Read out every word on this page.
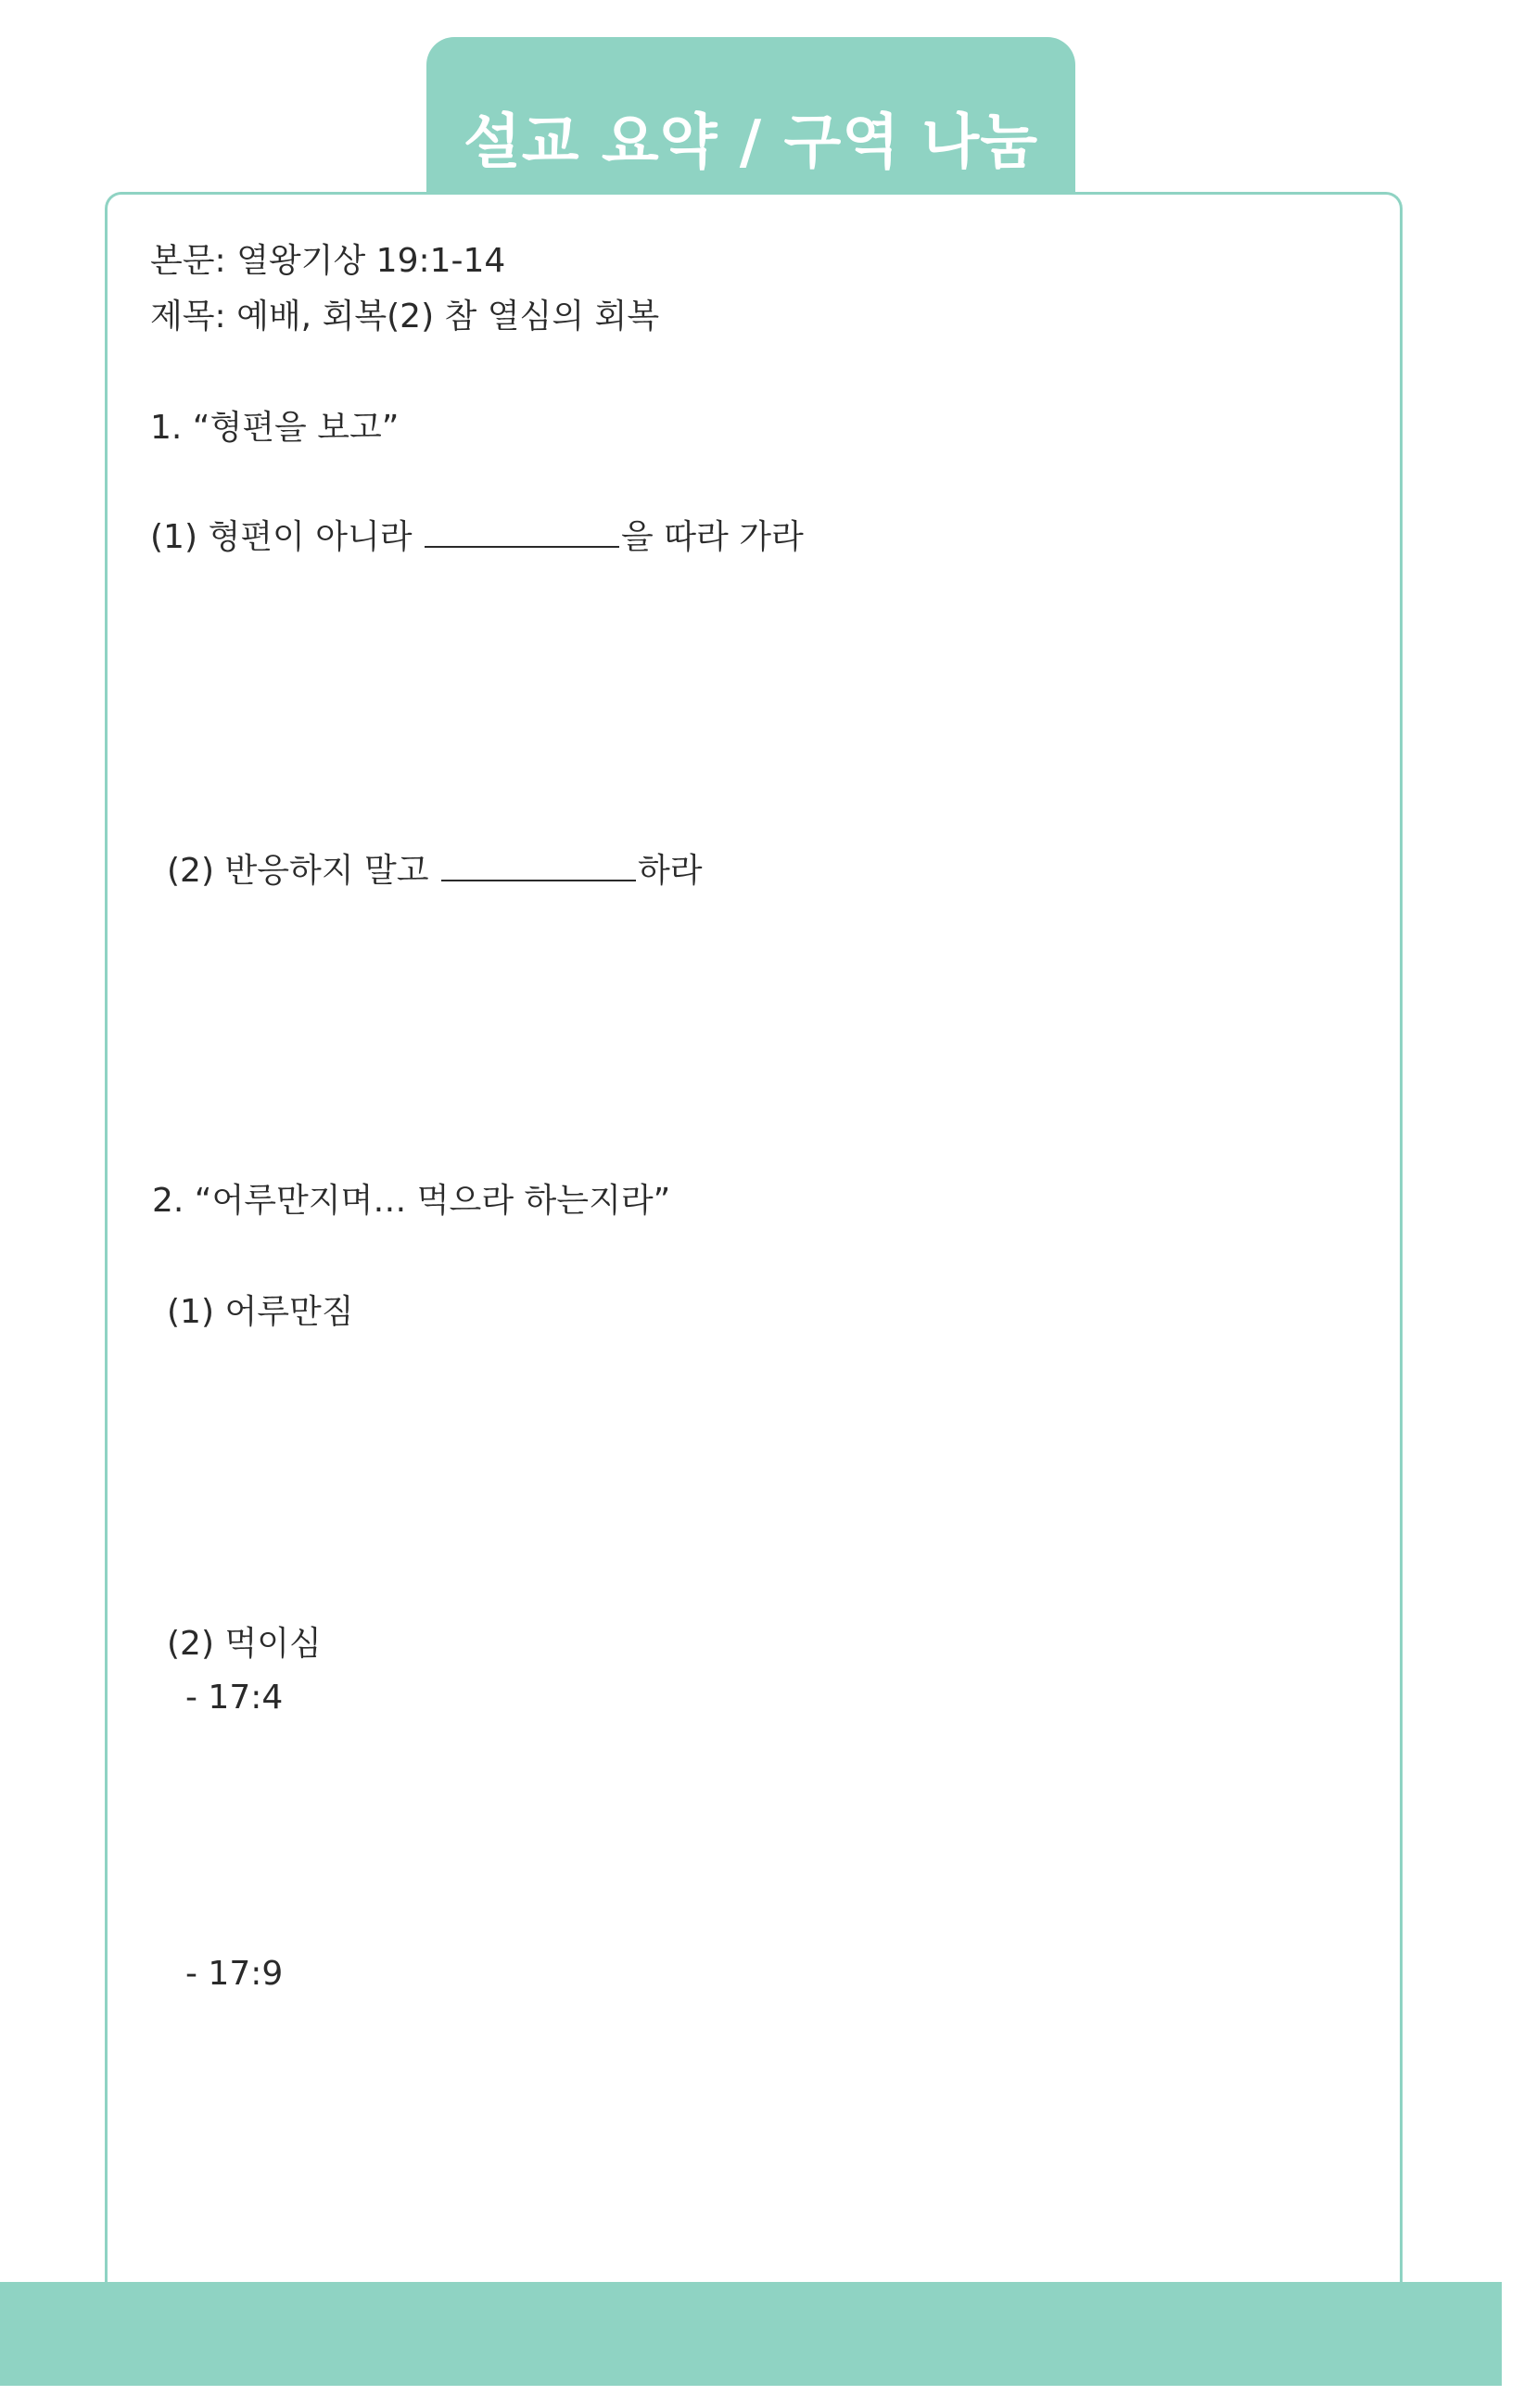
설교 요약 / 구역 나눔
본문: 열왕기상 19:1-14
제목: 예배, 회복(2) 참 열심의 회복
1. “형편을 보고”
(1) 형편이 아니라	을 따라 가라
(2) 반응하지 말고	하라
2. “어루만지며… 먹으라 하는지라”
(1) 어루만짐
(2) 먹이심
- 17:4
- 17:9
